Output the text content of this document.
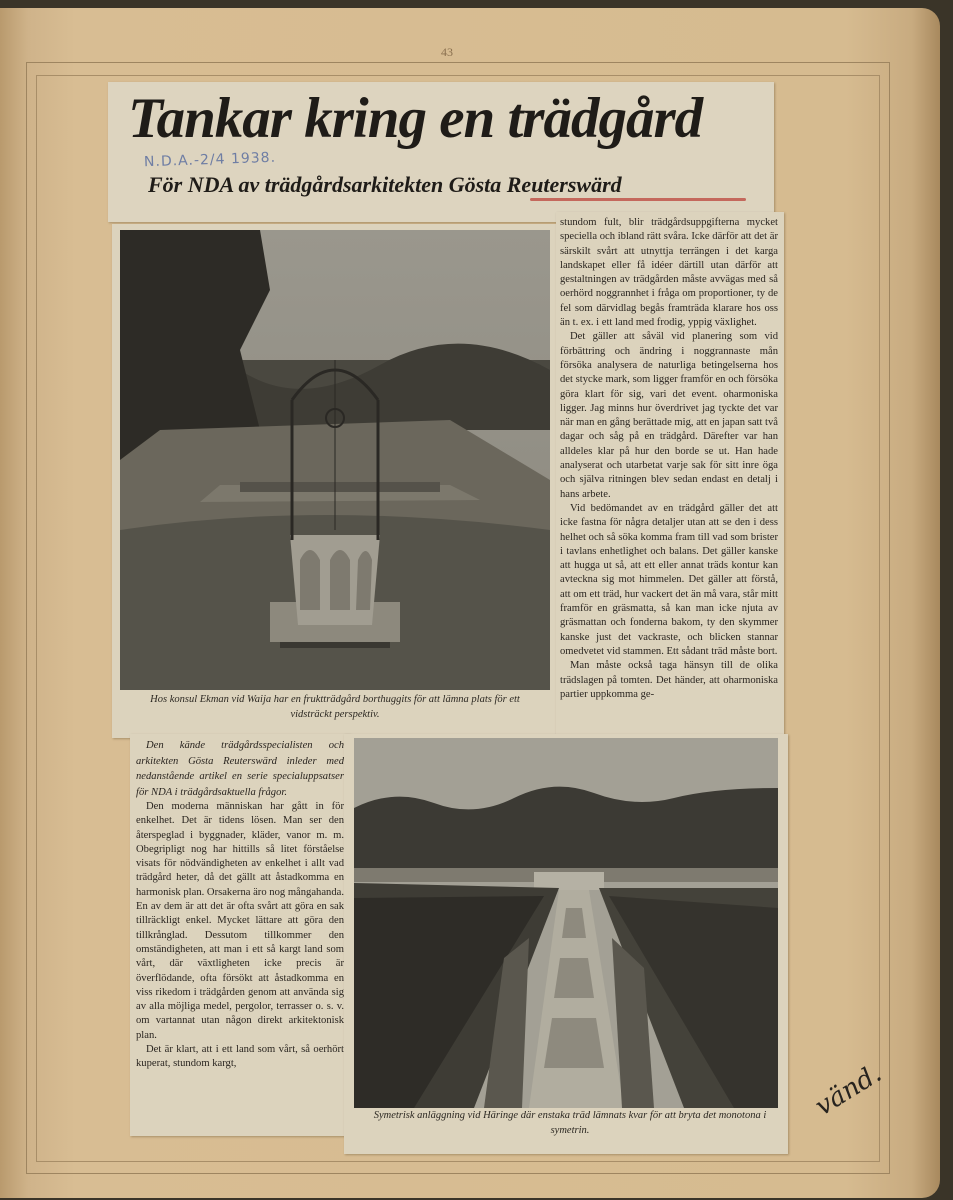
43
Tankar kring en trädgård
N.D.A.-2/4 1938.
För NDA av trädgårdsarkitekten Gösta Reuterswärd
Hos konsul Ekman vid Waija har en fruktträdgård borthuggits för att lämna plats för ett vidsträckt perspektiv.

stundom fult, blir trädgårdsuppgifterna mycket speciella och ibland rätt svåra. Icke därför att det är särskilt svårt att utnyttja terrängen i det karga landskapet eller få idéer därtill utan därför att gestaltningen av trädgården måste avvägas med så oerhörd noggrannhet i fråga om proportioner, ty de fel som därvidlag begås framträda klarare hos oss än t. ex. i ett land med frodig, yppig växlighet.

Det gäller att såväl vid planering som vid förbättring och ändring i noggrannaste mån försöka analysera de naturliga betingelserna hos det stycke mark, som ligger framför en och försöka göra klart för sig, vari det event. oharmoniska ligger. Jag minns hur överdrivet jag tyckte det var när man en gång berättade mig, att en japan satt två dagar och såg på en trädgård. Därefter var han alldeles klar på hur den borde se ut. Han hade analyserat och utarbetat varje sak för sitt inre öga och själva ritningen blev sedan endast en detalj i hans arbete.

Vid bedömandet av en trädgård gäller det att icke fastna för några detaljer utan att se den i dess helhet och så söka komma fram till vad som brister i tavlans enhetlighet och balans. Det gäller kanske att hugga ut så, att ett eller annat träds kontur kan avteckna sig mot himmelen. Det gäller att förstå, att om ett träd, hur vackert det än må vara, står mitt framför en gräsmatta, så kan man icke njuta av gräsmattan och fonderna bakom, ty den skymmer kanske just det vackraste, och blicken stannar omedvetet vid stammen. Ett sådant träd måste bort.

Man måste också taga hänsyn till de olika trädslagen på tomten. Det händer, att oharmoniska partier uppkomma ge-

Den kände trädgårdsspecialisten och arkitekten Gösta Reuterswärd inleder med nedanstående artikel en serie specialuppsatser för NDA i trädgårdsaktuella frågor.

Den moderna människan har gått in för enkelhet. Det är tidens lösen. Man ser den återspeglad i byggnader, kläder, vanor m. m. Obegripligt nog har hittills så litet förståelse visats för nödvändigheten av enkelhet i allt vad trädgård heter, då det gällt att åstadkomma en harmonisk plan. Orsakerna äro nog mångahanda. En av dem är att det är ofta svårt att göra en sak tillräckligt enkel. Mycket lättare att göra den tillkrånglad. Dessutom tillkommer den omständigheten, att man i ett så kargt land som vårt, där växtligheten icke precis är överflödande, ofta försökt att åstadkomma en viss rikedom i trädgården genom att använda sig av alla möjliga medel, pergolor, terrasser o. s. v. om vartannat utan någon direkt arkitektonisk plan.

Det är klart, att i ett land som vårt, så oerhört kuperat, stundom kargt,

Symetrisk anläggning vid Häringe där enstaka träd lämnats kvar för att bryta det monotona i symetrin.
vänd.
